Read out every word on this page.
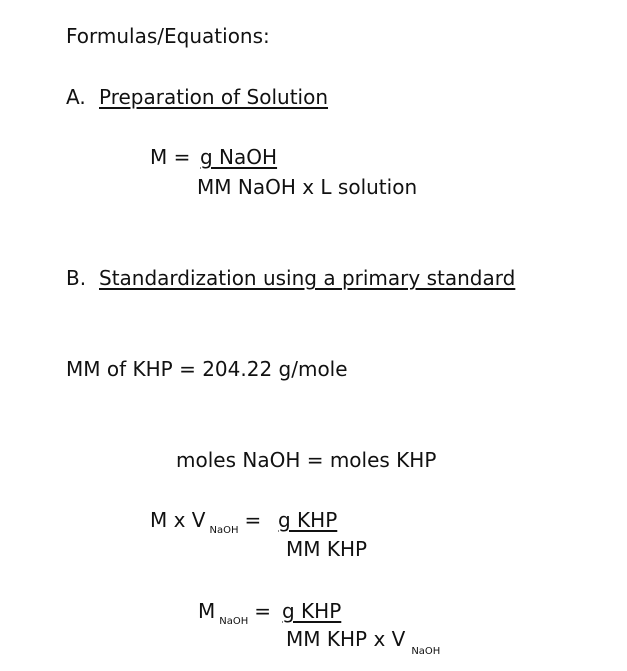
Formulas/Equations:
A. Preparation of Solution
M = g NaOH
MM NaOH x L solution
B. Standardization using a primary standard
MM of KHP = 204.22 g/mole
moles NaOH = moles KHP
M x V $_{NaOH}$ = g KHP
MM KHP
M $_{NaOH}$ = g KHP
MM KHP x $V_{NaOH}$
